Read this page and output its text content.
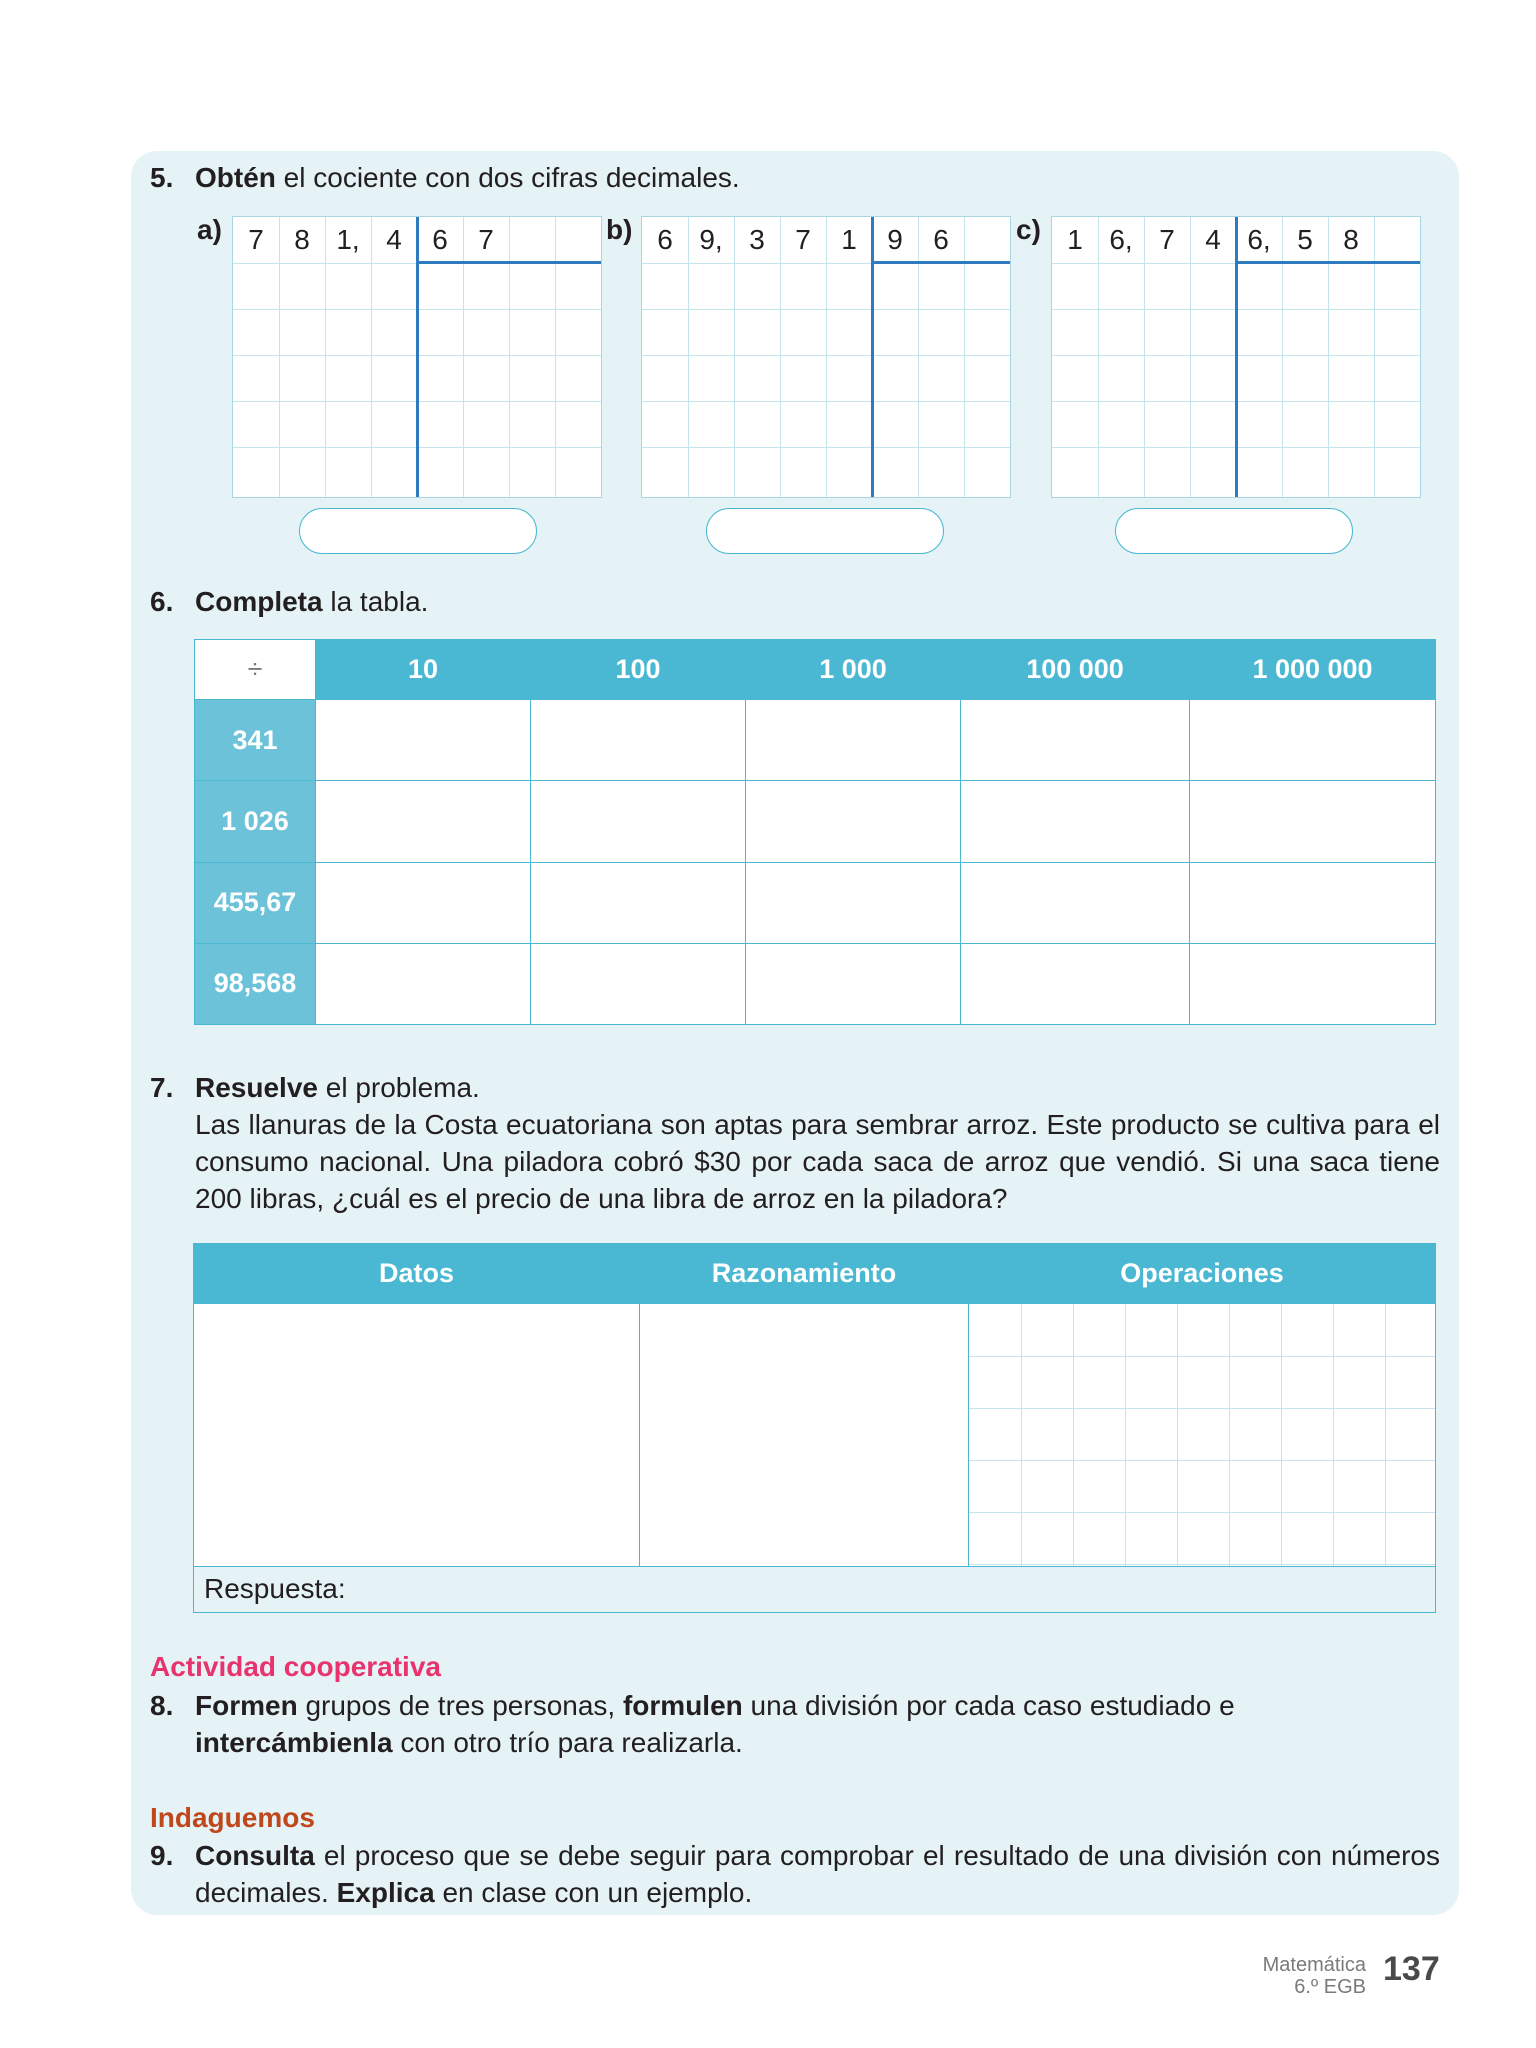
5. Obtén el cociente con dos cifras decimales.
a) 7	8 1, 4	6	7	b) 6 9, 3	7	1	9	6	c) 1 6, 7	4 6, 5	8
6. Completa la tabla.
÷	10	100	1 000	100 000	1 000 000
341					
1 026					
455,67					
98,568					
7. Resuelve el problema.
Las llanuras de la Costa ecuatoriana son aptas para sembrar arroz. Este producto se cultiva para el consumo nacional. Una piladora cobró $30 por cada saca de arroz que vendió. Si una saca tiene 200 libras, ¿cuál es el precio de una libra de arroz en la piladora?
Datos	Razonamiento	Operaciones

Respuesta:		
Actividad cooperativa
8. Formen grupos de tres personas, formulen una división por cada caso estudiado e intercámbienla con otro trío para realizarla.
Indaguemos
9. Consulta el proceso que se debe seguir para comprobar el resultado de una división con números decimales. Explica en clase con un ejemplo.
Matemática
6.º EGB 137
